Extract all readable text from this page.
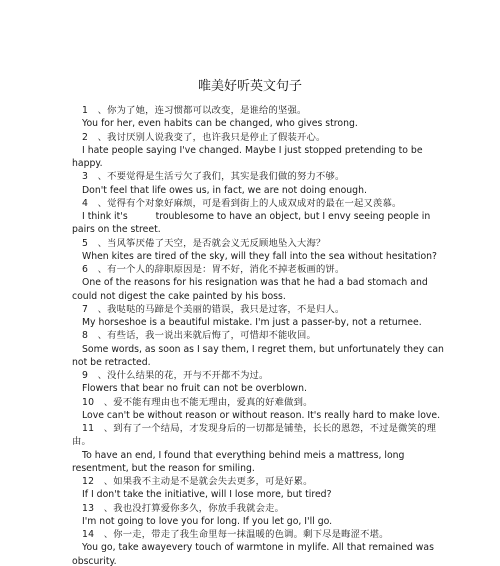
唯美好听英文句子

1　、你为了她，连习惯都可以改变，是谁给的坚强。

You for her, even habits can be changed, who gives strong.

2　、我讨厌别人说我变了，也许我只是停止了假装开心。

I hate people saying I've changed. Maybe I just stopped pretending to be happy.

3　、不要觉得是生活亏欠了我们，其实是我们做的努力不够。

Don't feel that life owes us, in fact, we are not doing enough.

4　、觉得有个对象好麻烦，可是看到街上的人成双成对的最在一起又羡慕。

I think it's　　　troublesome to have an object, but I envy seeing people in pairs on the street.

5　、当风筝厌倦了天空，是否就会义无反顾地坠入大海？

When kites are tired of the sky, will they fall into the sea without hesitation?

6　、有一个人的辞职原因是：胃不好，消化不掉老板画的饼。

One of the reasons for his resignation was that he had a bad stomach and could not digest the cake painted by his boss.

7　、我哒哒的马蹄是个美丽的错误，我只是过客，不是归人。

My horseshoe is a beautiful mistake. I'm just a passer-by, not a returnee.

8　、有些话，我一说出来就后悔了，可惜却不能收回。

Some words, as soon as I say them, I regret them, but unfortunately they can not be retracted.

9　、没什么结果的花，开与不开都不为过。

Flowers that bear no fruit can not be overblown.

10　、爱不能有理由也不能无理由，爱真的好难做到。

Love can't be without reason or without reason. It's really hard to make love.

11　、到有了一个结局，才发现身后的一切都是铺垫，长长的恩怨，不过是微笑的理由。

To have an end, I found that everything behind meis a mattress, long resentment, but the reason for smiling.

12　、如果我不主动是不是就会失去更多，可是好累。

If I don't take the initiative, will I lose more, but tired?

13　、我也没打算爱你多久，你放手我就会走。

I'm not going to love you for long. If you let go, I'll go.

14　、你一走，带走了我生命里每一抹温暖的色调。剩下尽是晦涩不堪。

You go, take awayevery touch of warmtone in mylife. All that remained was obscurity.
